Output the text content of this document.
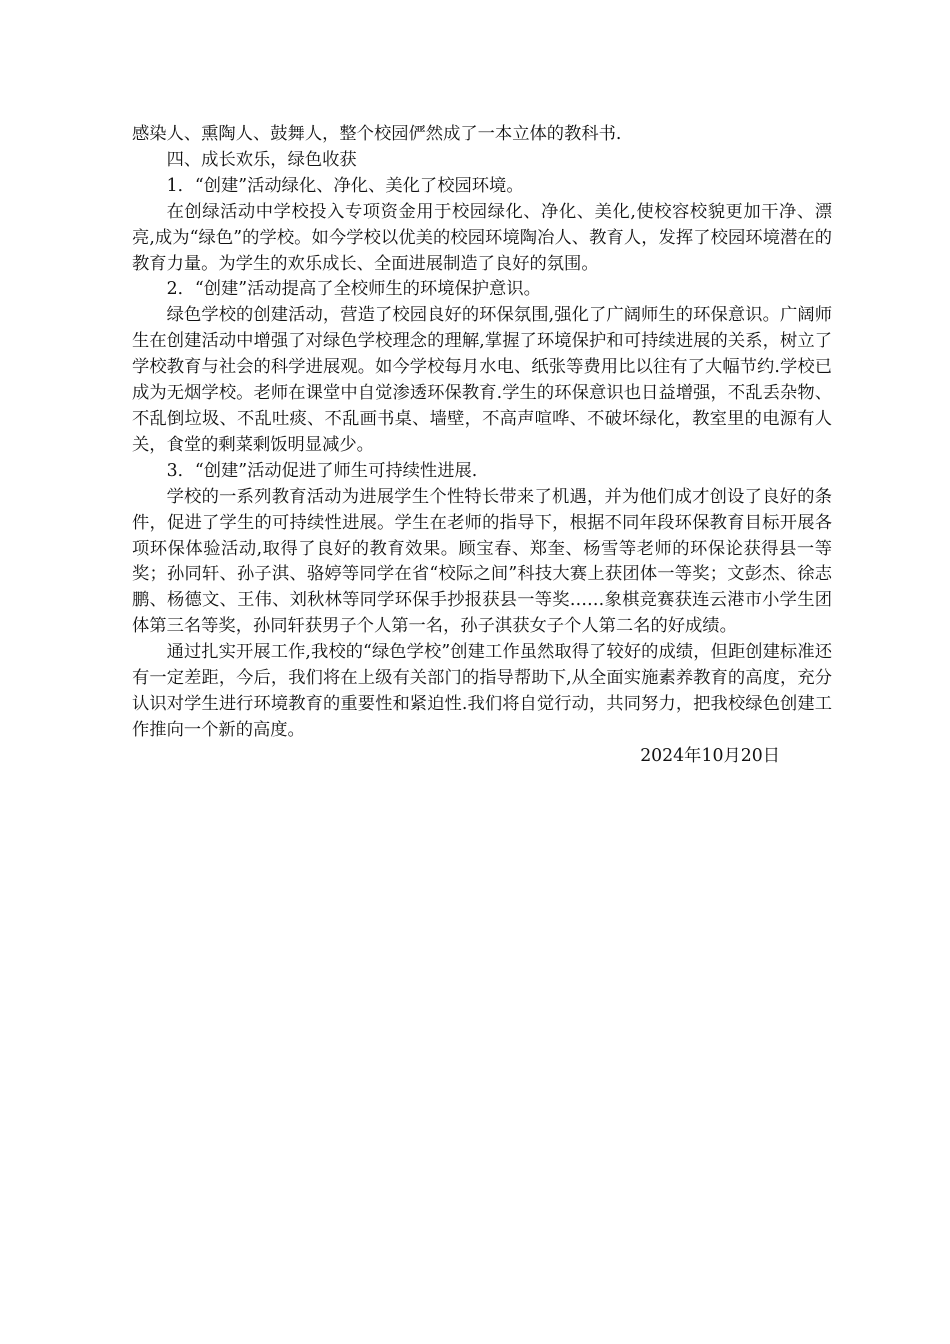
感染人、熏陶人、鼓舞人，整个校园俨然成了一本立体的教科书.

四、成长欢乐，绿色收获

1．“创建”活动绿化、净化、美化了校园环境。

在创绿活动中学校投入专项资金用于校园绿化、净化、美化,使校容校貌更加干净、漂亮,成为“绿色”的学校。如今学校以优美的校园环境陶冶人、教育人，发挥了校园环境潜在的教育力量。为学生的欢乐成长、全面进展制造了良好的氛围。

2．“创建”活动提高了全校师生的环境保护意识。

绿色学校的创建活动，营造了校园良好的环保氛围,强化了广阔师生的环保意识。广阔师生在创建活动中增强了对绿色学校理念的理解,掌握了环境保护和可持续进展的关系，树立了学校教育与社会的科学进展观。如今学校每月水电、纸张等费用比以往有了大幅节约.学校已成为无烟学校。老师在课堂中自觉渗透环保教育.学生的环保意识也日益增强，不乱丢杂物、不乱倒垃圾、不乱吐痰、不乱画书桌、墙壁，不高声喧哗、不破坏绿化，教室里的电源有人关，食堂的剩菜剩饭明显减少。

3．“创建”活动促进了师生可持续性进展.

学校的一系列教育活动为进展学生个性特长带来了机遇，并为他们成才创设了良好的条件，促进了学生的可持续性进展。学生在老师的指导下，根据不同年段环保教育目标开展各项环保体验活动,取得了良好的教育效果。顾宝春、郑奎、杨雪等老师的环保论获得县一等奖；孙同轩、孙子淇、骆婷等同学在省“校际之间”科技大赛上获团体一等奖；文彭杰、徐志鹏、杨德文、王伟、刘秋林等同学环保手抄报获县一等奖……象棋竞赛获连云港市小学生团体第三名等奖，孙同轩获男子个人第一名，孙子淇获女子个人第二名的好成绩。

通过扎实开展工作,我校的“绿色学校”创建工作虽然取得了较好的成绩，但距创建标准还有一定差距，今后，我们将在上级有关部门的指导帮助下,从全面实施素养教育的高度，充分认识对学生进行环境教育的重要性和紧迫性.我们将自觉行动，共同努力，把我校绿色创建工作推向一个新的高度。

2024年10月20日
